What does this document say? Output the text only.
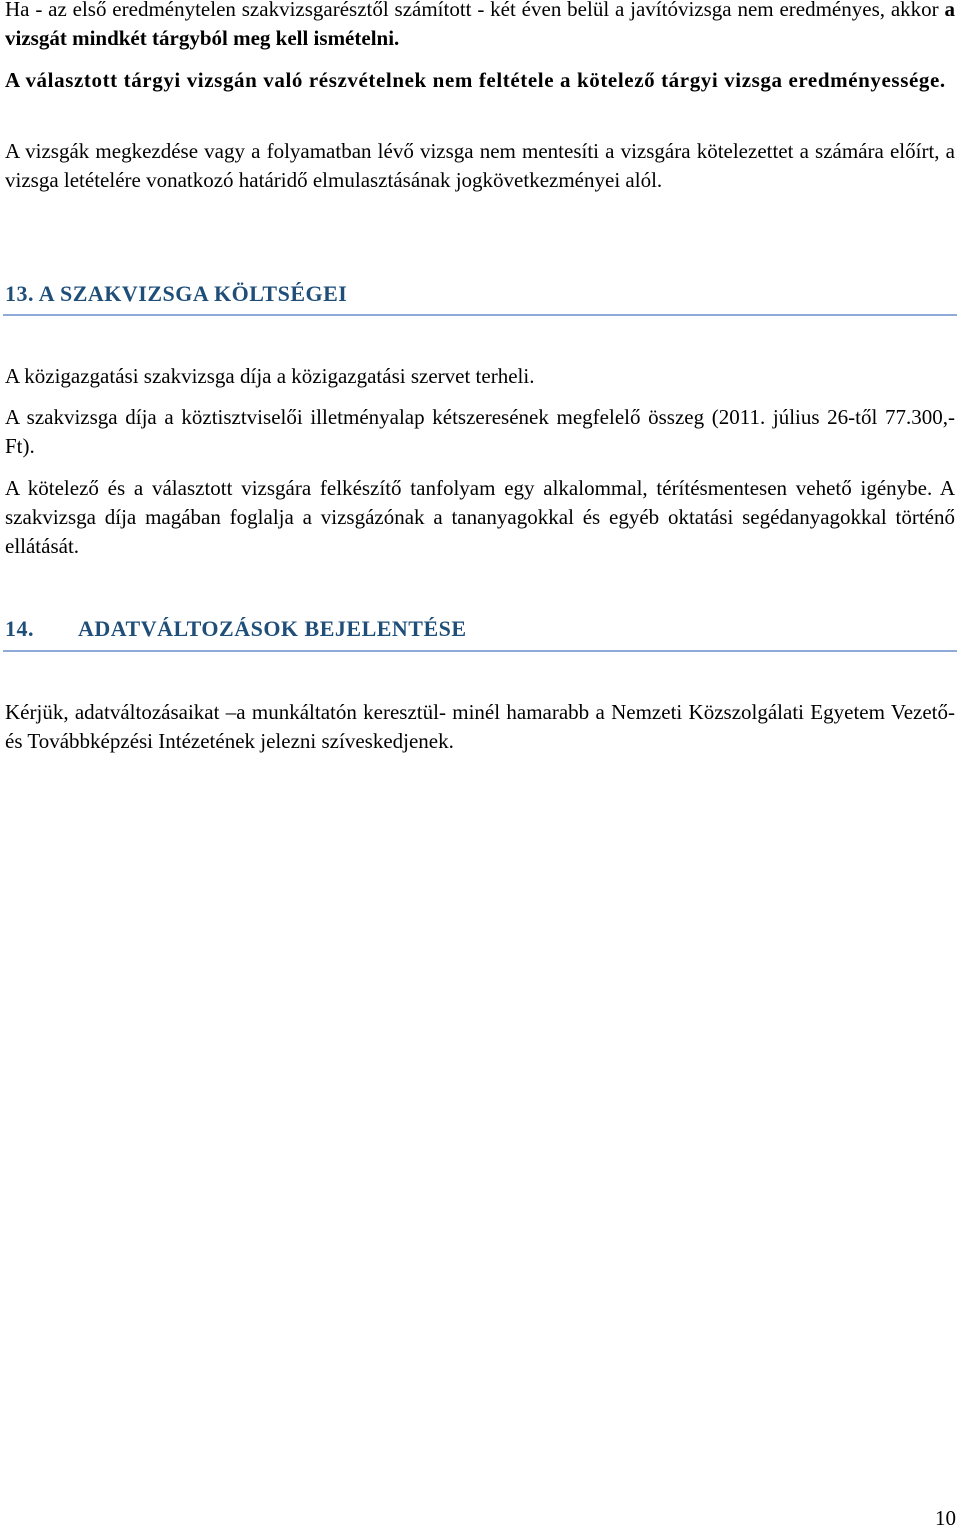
Ha - az első eredménytelen szakvizsgarésztől számított - két éven belül a javítóvizsga nem eredményes, akkor a vizsgát mindkét tárgyból meg kell ismételni.

A választott tárgyi vizsgán való részvételnek nem feltétele a kötelező tárgyi vizsga eredményessége.

A vizsgák megkezdése vagy a folyamatban lévő vizsga nem mentesíti a vizsgára kötelezettet a számára előírt, a vizsga letételére vonatkozó határidő elmulasztásának jogkövetkezményei alól.

13. A SZAKVIZSGA KÖLTSÉGEI

A közigazgatási szakvizsga díja a közigazgatási szervet terheli.

A szakvizsga díja a köztisztviselői illetményalap kétszeresének megfelelő összeg (2011. július 26-től 77.300,- Ft).

A kötelező és a választott vizsgára felkészítő tanfolyam egy alkalommal, térítésmentesen vehető igénybe. A szakvizsga díja magában foglalja a vizsgázónak a tananyagokkal és egyéb oktatási segédanyagokkal történő ellátását.

14. ADATVÁLTOZÁSOK BEJELENTÉSE

Kérjük, adatváltozásaikat –a munkáltatón keresztül- minél hamarabb a Nemzeti Közszolgálati Egyetem Vezető- és Továbbképzési Intézetének jelezni szíveskedjenek.

10
